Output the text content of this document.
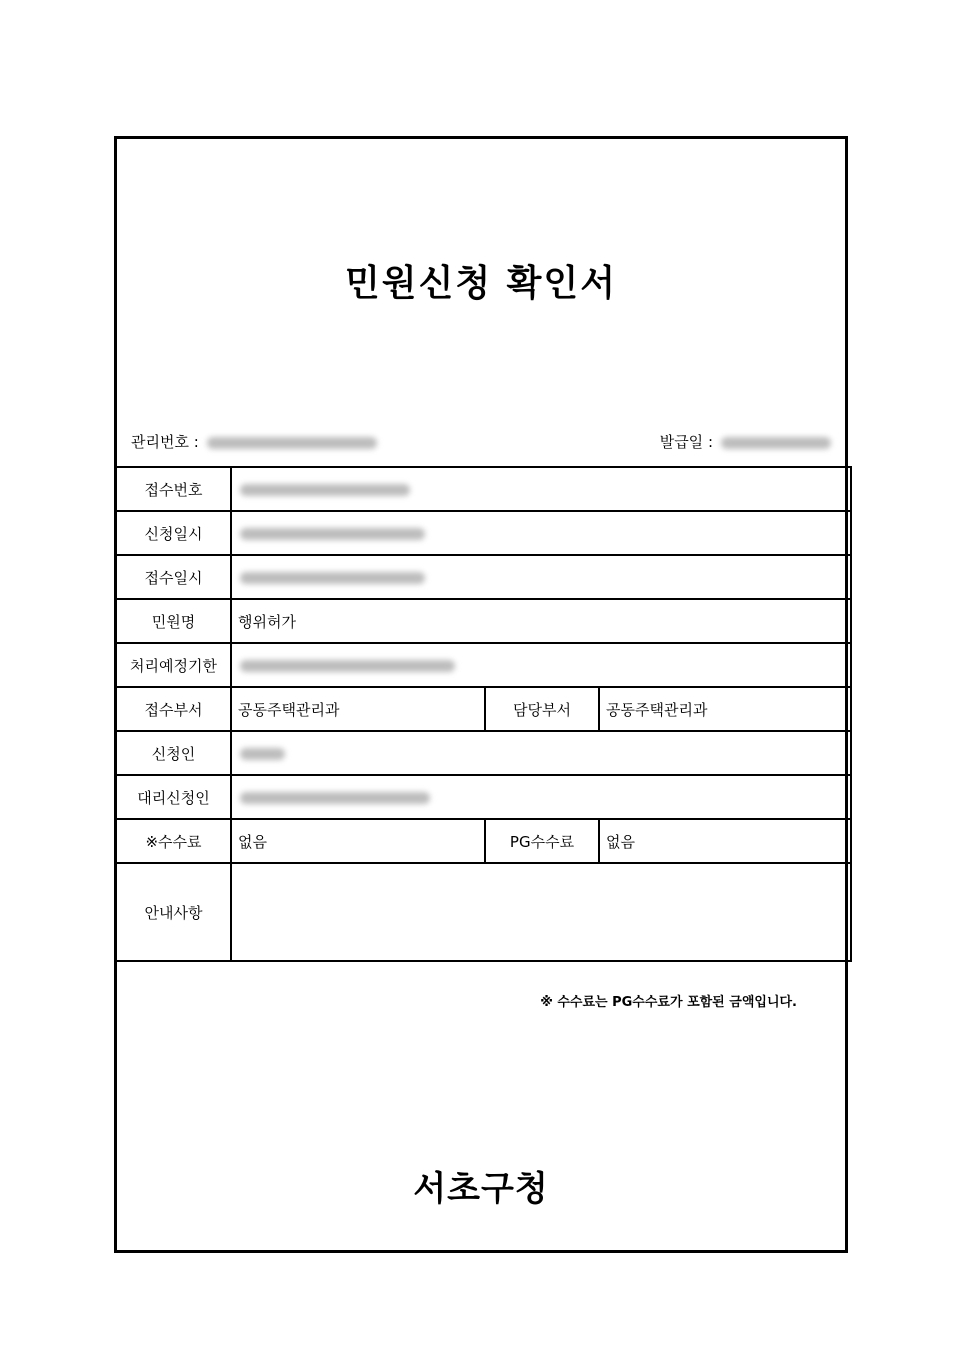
민원신청 확인서
관리번호 :	발급일 :
접수번호			
신청일시			
접수일시			
민원명	행위허가		
처리예정기한			
접수부서	공동주택관리과	담당부서	공동주택관리과
신청인			
대리신청인			
※수수료	없음	PG수수료	없음
안내사항			
※ 수수료는 PG수수료가 포함된 금액입니다.
서초구청
